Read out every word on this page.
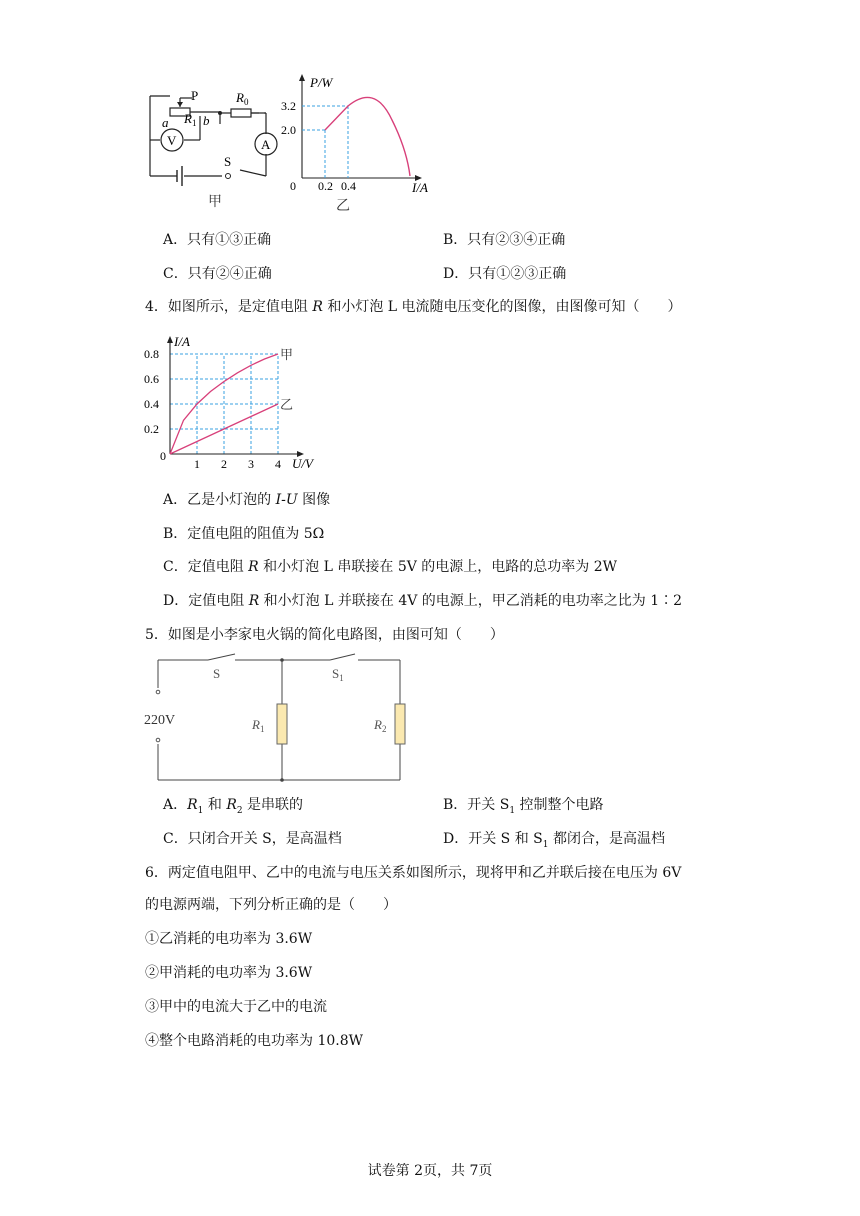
P
$R_1$
$R_0$
a	b
V	A
S
甲
P/W
I/A
0
3.2
2.0
0.2 0.4
乙
A．只有①③正确	B．只有②③④正确
C．只有②④正确	D．只有①②③正确
4．如图所示，是定值电阻 R 和小灯泡 L 电流随电压变化的图像，由图像可知（　　）
1 2 3 4
0.8
0.6
0.4
0.2
0
I/A
U/V
甲
乙
A．乙是小灯泡的 I-U 图像
B．定值电阻的阻值为 5Ω
C．定值电阻 R 和小灯泡 L 串联接在 5V 的电源上，电路的总功率为 2W
D．定值电阻 R 和小灯泡 L 并联接在 4V 的电源上，甲乙消耗的电功率之比为 1∶2
5．如图是小李家电火锅的简化电路图，由图可知（　　）
S	$S_1$
220V	$R_1$	$R_2$
A．$R_1$ 和 $R_2$ 是串联的	B．开关 $S_1$ 控制整个电路
C．只闭合开关 S，是高温档	D．开关 S 和 $S_1$ 都闭合，是高温档
6．两定值电阻甲、乙中的电流与电压关系如图所示，现将甲和乙并联后接在电压为 6V
的电源两端，下列分析正确的是（　　）
①乙消耗的电功率为 3.6W
②甲消耗的电功率为 3.6W
③甲中的电流大于乙中的电流
④整个电路消耗的电功率为 10.8W
试卷第 2页，共 7页
